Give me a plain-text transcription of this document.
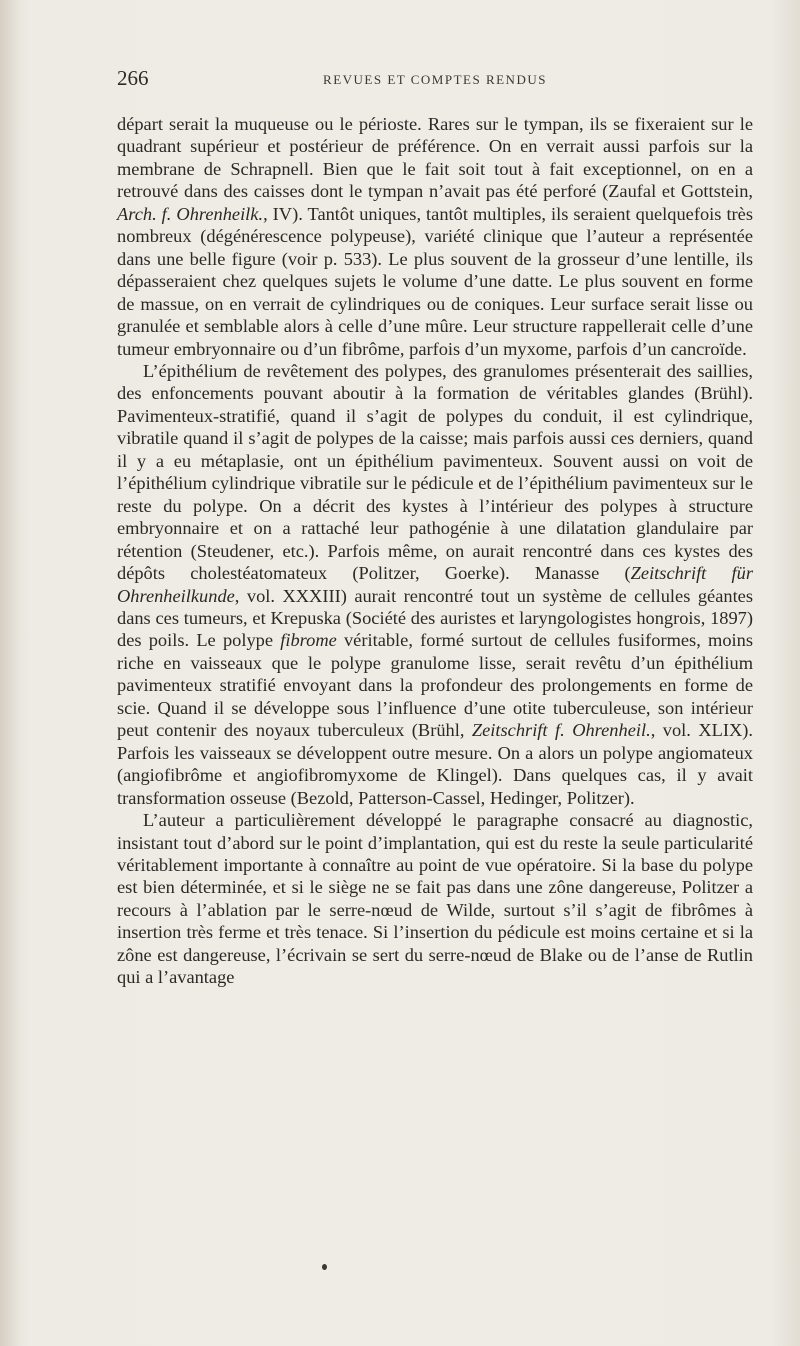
266	REVUES ET COMPTES RENDUS

départ serait la muqueuse ou le périoste. Rares sur le tympan, ils se fixeraient sur le quadrant supérieur et postérieur de préférence. On en verrait aussi parfois sur la membrane de Schrapnell. Bien que le fait soit tout à fait exceptionnel, on en a retrouvé dans des caisses dont le tympan n’avait pas été perforé (Zaufal et Gottstein, Arch. f. Ohrenheilk., IV). Tantôt uniques, tantôt multiples, ils seraient quelquefois très nombreux (dégénérescence polypeuse), variété clinique que l’auteur a représentée dans une belle figure (voir p. 533). Le plus souvent de la grosseur d’une lentille, ils dépasseraient chez quelques sujets le volume d’une datte. Le plus souvent en forme de massue, on en verrait de cylindriques ou de coniques. Leur surface serait lisse ou granulée et semblable alors à celle d’une mûre. Leur structure rappellerait celle d’une tumeur embryonnaire ou d’un fibrôme, parfois d’un myxome, parfois d’un cancroïde.

L’épithélium de revêtement des polypes, des granulomes présenterait des saillies, des enfoncements pouvant aboutir à la formation de véritables glandes (Brühl). Pavimenteux-stratifié, quand il s’agit de polypes du conduit, il est cylindrique, vibratile quand il s’agit de polypes de la caisse; mais parfois aussi ces derniers, quand il y a eu métaplasie, ont un épithélium pavimenteux. Souvent aussi on voit de l’épithélium cylindrique vibratile sur le pédicule et de l’épithélium pavimenteux sur le reste du polype. On a décrit des kystes à l’intérieur des polypes à structure embryonnaire et on a rattaché leur pathogénie à une dilatation glandulaire par rétention (Steudener, etc.). Parfois même, on aurait rencontré dans ces kystes des dépôts cholestéatomateux (Politzer, Goerke). Manasse (Zeitschrift für Ohrenheilkunde, vol. XXXIII) aurait rencontré tout un système de cellules géantes dans ces tumeurs, et Krepuska (Société des auristes et laryngologistes hongrois, 1897) des poils. Le polype fibrome véritable, formé surtout de cellules fusiformes, moins riche en vaisseaux que le polype granulome lisse, serait revêtu d’un épithélium pavimenteux stratifié envoyant dans la profondeur des prolongements en forme de scie. Quand il se développe sous l’influence d’une otite tuberculeuse, son intérieur peut contenir des noyaux tuberculeux (Brühl, Zeitschrift f. Ohrenheil., vol. XLIX). Parfois les vaisseaux se développent outre mesure. On a alors un polype angiomateux (angiofibrôme et angiofibromyxome de Klingel). Dans quelques cas, il y avait transformation osseuse (Bezold, Patterson-Cassel, Hedinger, Politzer).

L’auteur a particulièrement développé le paragraphe consacré au diagnostic, insistant tout d’abord sur le point d’implantation, qui est du reste la seule particularité véritablement importante à connaître au point de vue opératoire. Si la base du polype est bien déterminée, et si le siège ne se fait pas dans une zône dangereuse, Politzer a recours à l’ablation par le serre-nœud de Wilde, surtout s’il s’agit de fibrômes à insertion très ferme et très tenace. Si l’insertion du pédicule est moins certaine et si la zône est dangereuse, l’écrivain se sert du serre-nœud de Blake ou de l’anse de Rutlin qui a l’avantage
